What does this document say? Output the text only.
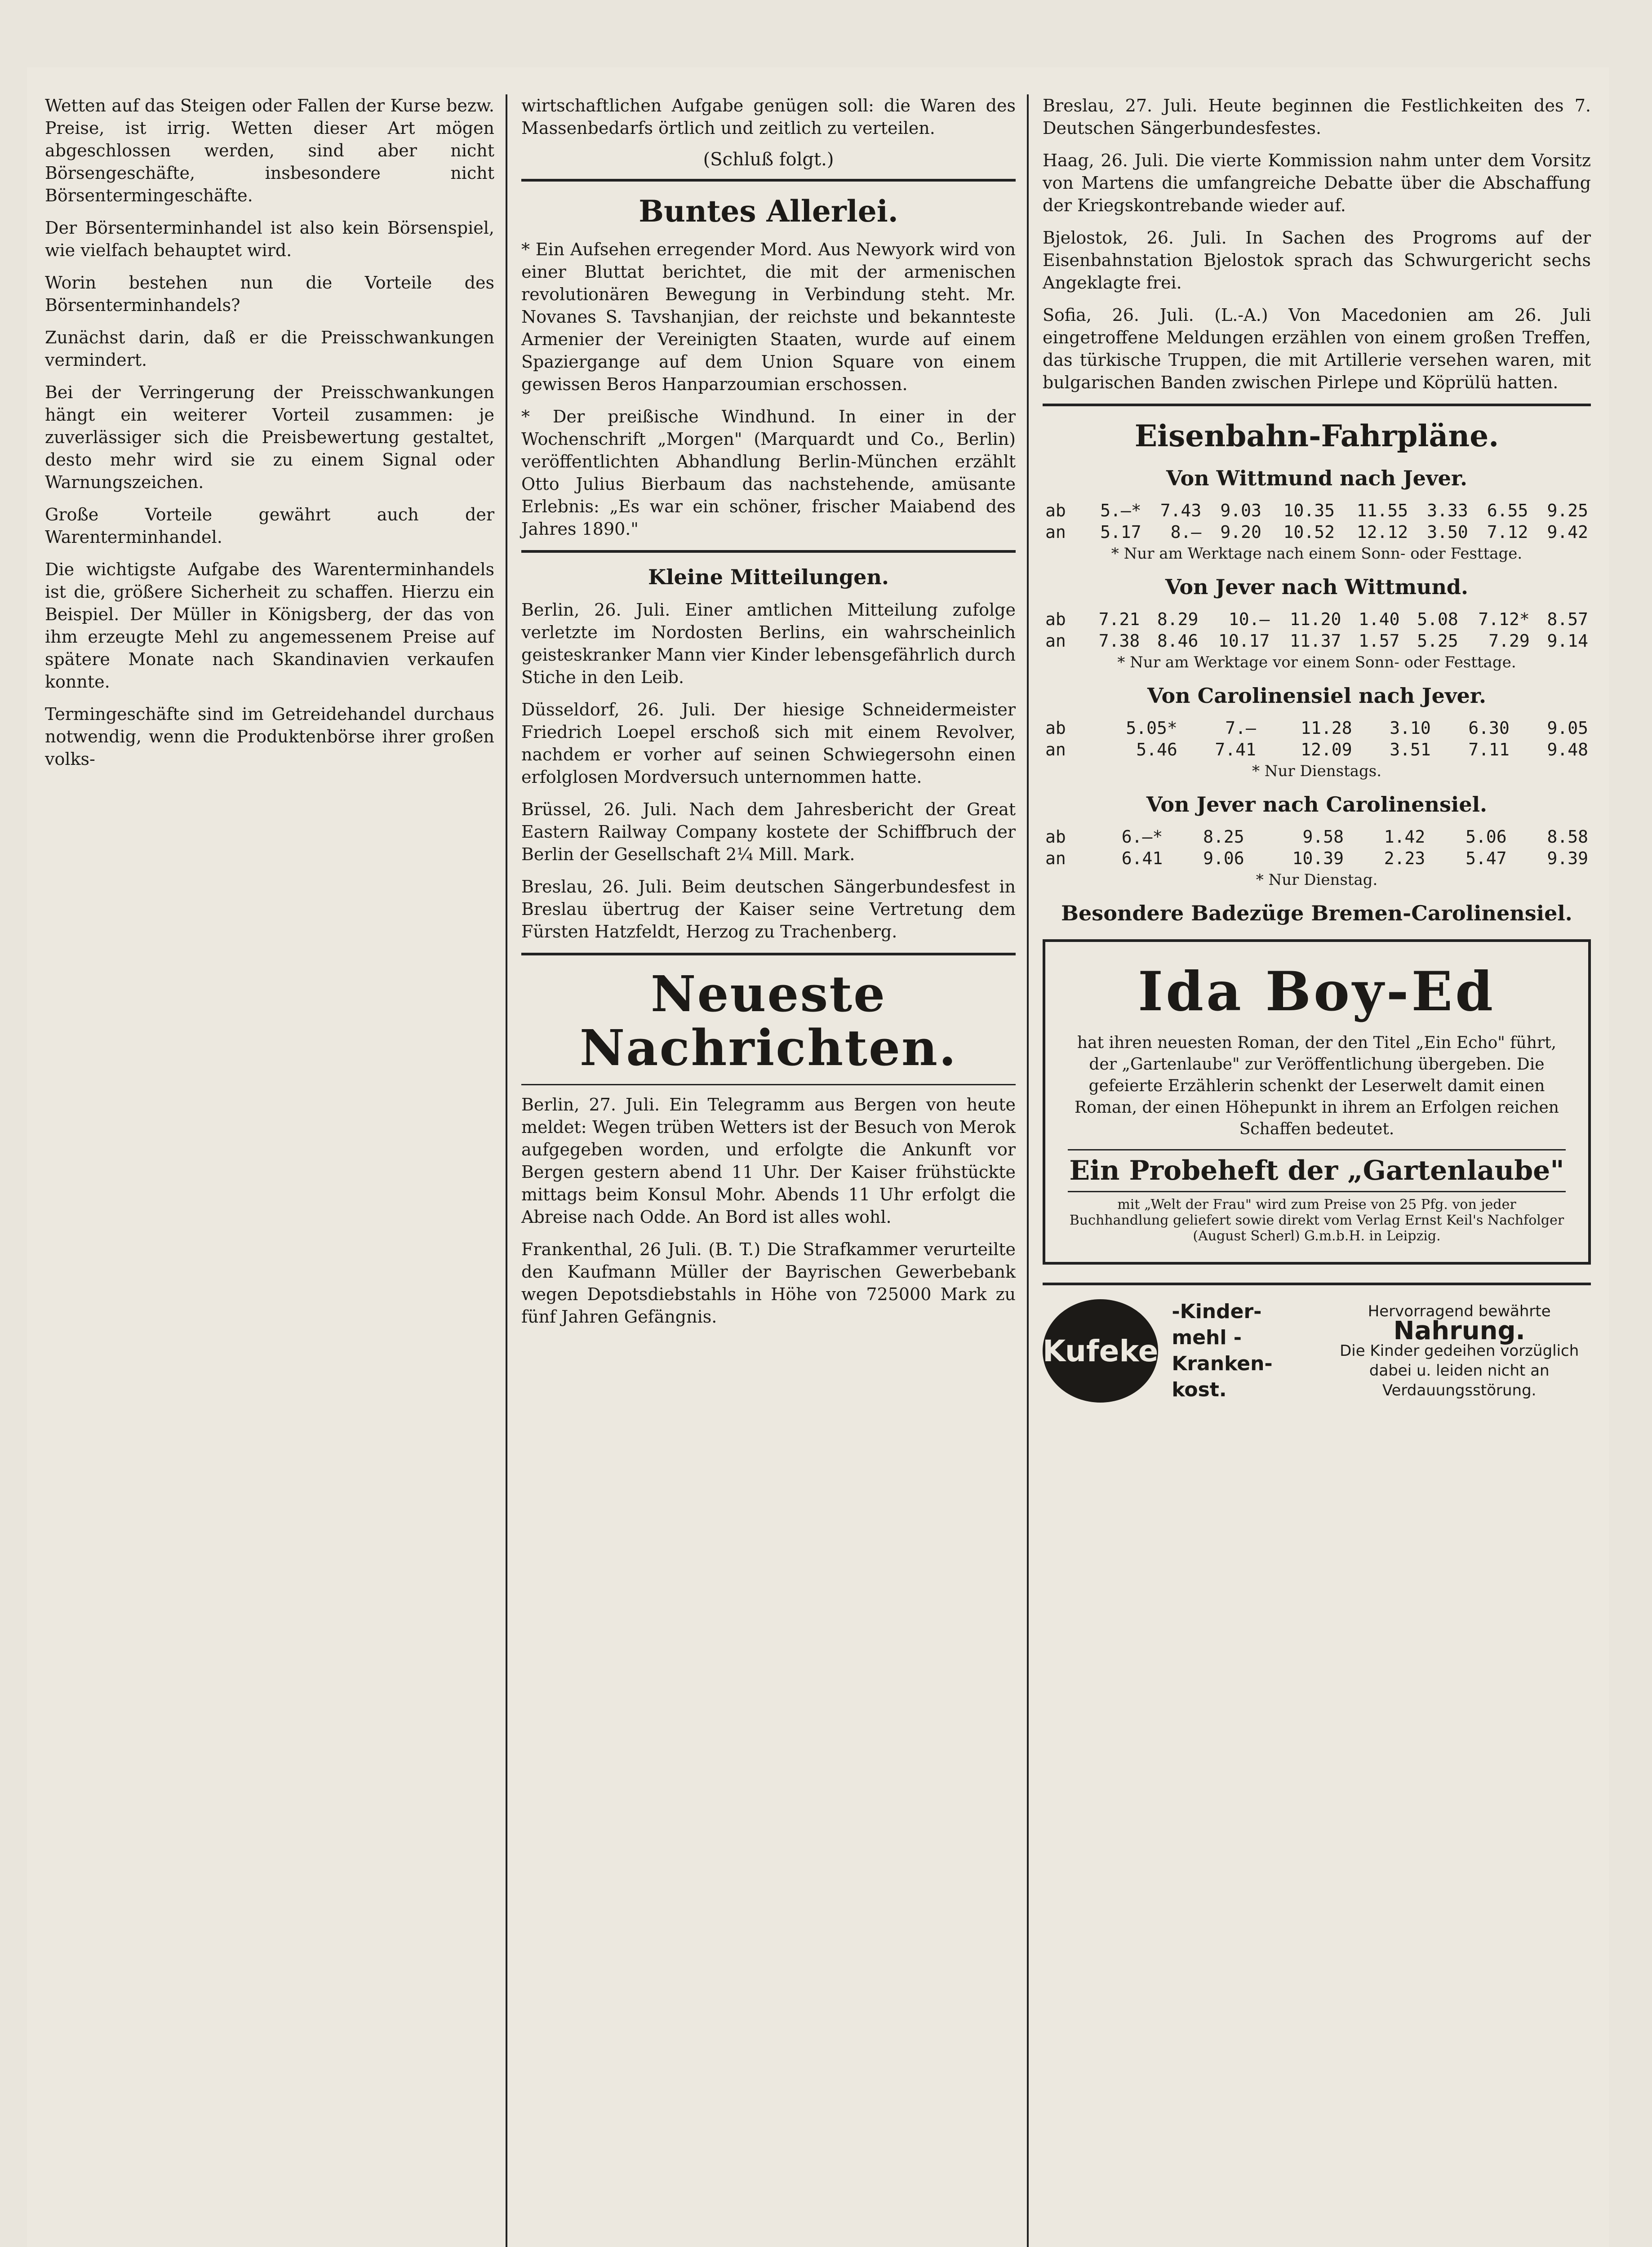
Wetten auf das Steigen oder Fallen der Kurse bezw. Preise, ist irrig. Wetten dieser Art mögen abgeschlossen werden, sind aber nicht Börsengeschäfte, insbesondere nicht Börsentermingeschäfte.

Der Börsenterminhandel ist also kein Börsenspiel, wie vielfach behauptet wird.

Worin bestehen nun die Vorteile des Börsenterminhandels?

Zunächst darin, daß er die Preisschwankungen vermindert.

Bei der Verringerung der Preisschwankungen hängt ein weiterer Vorteil zusammen: je zuverlässiger sich die Preisbewertung gestaltet, desto mehr wird sie zu einem Signal oder Warnungszeichen.

Große Vorteile gewährt auch der Warenterminhandel.

Die wichtigste Aufgabe des Warenterminhandels ist die, größere Sicherheit zu schaffen. Hierzu ein Beispiel. Der Müller in Königsberg, der das von ihm erzeugte Mehl zu angemessenem Preise auf spätere Monate nach Skandinavien verkaufen konnte.

Termingeschäfte sind im Getreidehandel durchaus notwendig, wenn die Produktenbörse ihrer großen volks-

wirtschaftlichen Aufgabe genügen soll: die Waren des Massenbedarfs örtlich und zeitlich zu verteilen.

(Schluß folgt.)
Buntes Allerlei.

* Ein Aufsehen erregender Mord. Aus Newyork wird von einer Bluttat berichtet, die mit der armenischen revolutionären Bewegung in Verbindung steht. Mr. Novanes S. Tavshanjian, der reichste und bekannteste Armenier der Vereinigten Staaten, wurde auf einem Spaziergange auf dem Union Square von einem gewissen Beros Hanparzoumian erschossen.

* Der preißische Windhund. In einer in der Wochenschrift „Morgen" (Marquardt und Co., Berlin) veröffentlichten Abhandlung Berlin-München erzählt Otto Julius Bierbaum das nachstehende, amüsante Erlebnis: „Es war ein schöner, frischer Maiabend des Jahres 1890."

Kleine Mitteilungen.

Berlin, 26. Juli. Einer amtlichen Mitteilung zufolge verletzte im Nordosten Berlins, ein wahrscheinlich geisteskranker Mann vier Kinder lebensgefährlich durch Stiche in den Leib.

Düsseldorf, 26. Juli. Der hiesige Schneidermeister Friedrich Loepel erschoß sich mit einem Revolver, nachdem er vorher auf seinen Schwiegersohn einen erfolglosen Mordversuch unternommen hatte.

Brüssel, 26. Juli. Nach dem Jahresbericht der Great Eastern Railway Company kostete der Schiffbruch der Berlin der Gesellschaft 2¼ Mill. Mark.

Breslau, 26. Juli. Beim deutschen Sängerbundesfest in Breslau übertrug der Kaiser seine Vertretung dem Fürsten Hatzfeldt, Herzog zu Trachenberg.

Neueste Nachrichten.

Berlin, 27. Juli. Ein Telegramm aus Bergen von heute meldet: Wegen trüben Wetters ist der Besuch von Merok aufgegeben worden, und erfolgte die Ankunft vor Bergen gestern abend 11 Uhr. Der Kaiser frühstückte mittags beim Konsul Mohr. Abends 11 Uhr erfolgt die Abreise nach Odde. An Bord ist alles wohl.

Frankenthal, 26 Juli. (B. T.) Die Strafkammer verurteilte den Kaufmann Müller der Bayrischen Gewerbebank wegen Depotsdiebstahls in Höhe von 725000 Mark zu fünf Jahren Gefängnis.

Breslau, 27. Juli. Heute beginnen die Festlichkeiten des 7. Deutschen Sängerbundesfestes.

Haag, 26. Juli. Die vierte Kommission nahm unter dem Vorsitz von Martens die umfangreiche Debatte über die Abschaffung der Kriegskontrebande wieder auf.

Bjelostok, 26. Juli. In Sachen des Progroms auf der Eisenbahnstation Bjelostok sprach das Schwurgericht sechs Angeklagte frei.

Sofia, 26. Juli. (L.-A.) Von Macedonien am 26. Juli eingetroffene Meldungen erzählen von einem großen Treffen, das türkische Truppen, die mit Artillerie versehen waren, mit bulgarischen Banden zwischen Pirlepe und Köprülü hatten.

Eisenbahn-Fahrpläne.
Von Wittmund nach Jever.
ab	5.—*	7.43	9.03	10.35	11.55	3.33	6.55	9.25
an	5.17	8.—	9.20	10.52	12.12	3.50	7.12	9.42
* Nur am Werktage nach einem Sonn- oder Festtage.
Von Jever nach Wittmund.
ab	7.21	8.29	10.—	11.20	1.40	5.08	7.12*	8.57
an	7.38	8.46	10.17	11.37	1.57	5.25	7.29	9.14
* Nur am Werktage vor einem Sonn- oder Festtage.
Von Carolinensiel nach Jever.
ab	5.05*	7.—	11.28	3.10	6.30	9.05
an	5.46	7.41	12.09	3.51	7.11	9.48
* Nur Dienstags.
Von Jever nach Carolinensiel.
ab	6.—*	8.25	9.58	1.42	5.06	8.58
an	6.41	9.06	10.39	2.23	5.47	9.39
* Nur Dienstag.
Besondere Badezüge Bremen-Carolinensiel.
Ida Boy-Ed
hat ihren neuesten Roman, der den Titel „Ein Echo" führt, der „Gartenlaube" zur Veröffentlichung übergeben. Die gefeierte Erzählerin schenkt der Leserwelt damit einen Roman, der einen Höhepunkt in ihrem an Erfolgen reichen Schaffen bedeutet.
Ein Probeheft der „Gartenlaube"
mit „Welt der Frau" wird zum Preise von 25 Pfg. von jeder Buchhandlung geliefert sowie direkt vom Verlag Ernst Keil's Nachfolger (August Scherl) G.m.b.H. in Leipzig.
Kufeke
-Kinder-mehl -Kranken-kost.
Hervorragend bewährte
Nahrung.
Die Kinder gedeihen vorzüglich dabei u. leiden nicht an Verdauungsstörung.
